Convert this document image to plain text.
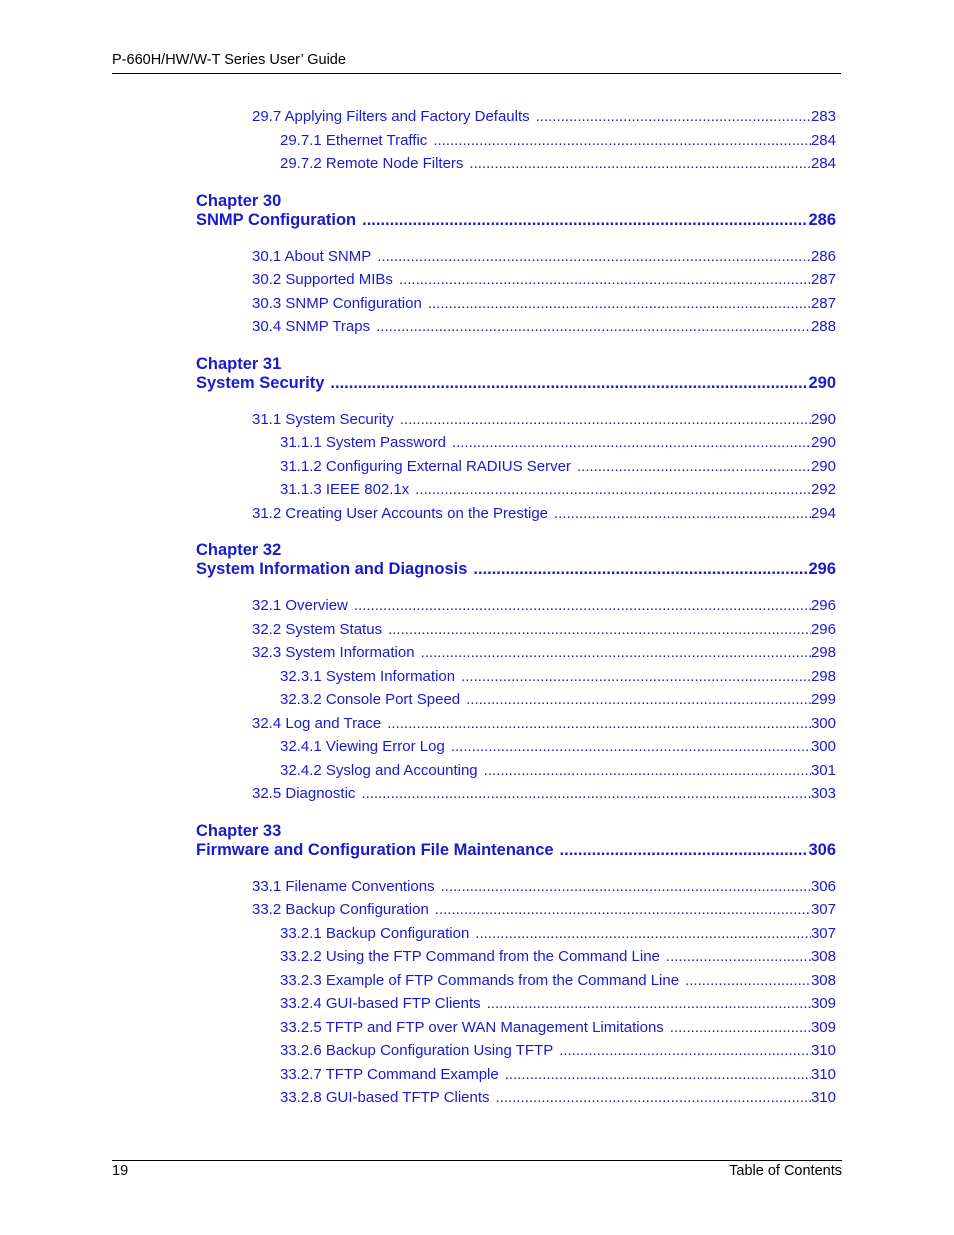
P-660H/HW/W-T Series User’ Guide
29.7 Applying Filters and Factory Defaults .....	283
29.7.1 Ethernet Traffic .....	284
29.7.2 Remote Node Filters .....	284
Chapter 30
SNMP Configuration .....	286
30.1 About SNMP .....	286
30.2 Supported MIBs .....	287
30.3 SNMP Configuration .....	287
30.4 SNMP Traps .....	288
Chapter 31
System Security .....	290
31.1 System Security .....	290
31.1.1 System Password .....	290
31.1.2 Configuring External RADIUS Server .....	290
31.1.3 IEEE 802.1x .....	292
31.2 Creating User Accounts on the Prestige .....	294
Chapter 32
System Information and Diagnosis .....	296
32.1 Overview .....	296
32.2 System Status .....	296
32.3 System Information .....	298
32.3.1 System Information .....	298
32.3.2 Console Port Speed .....	299
32.4 Log and Trace .....	300
32.4.1 Viewing Error Log .....	300
32.4.2 Syslog and Accounting .....	301
32.5 Diagnostic .....	303
Chapter 33
Firmware and Configuration File Maintenance .....	306
33.1 Filename Conventions .....	306
33.2 Backup Configuration .....	307
33.2.1 Backup Configuration .....	307
33.2.2 Using the FTP Command from the Command Line .....	308
33.2.3 Example of FTP Commands from the Command Line .....	308
33.2.4 GUI-based FTP Clients .....	309
33.2.5 TFTP and FTP over WAN Management Limitations .....	309
33.2.6 Backup Configuration Using TFTP .....	310
33.2.7 TFTP Command Example .....	310
33.2.8 GUI-based TFTP Clients .....	310
19	Table of Contents
